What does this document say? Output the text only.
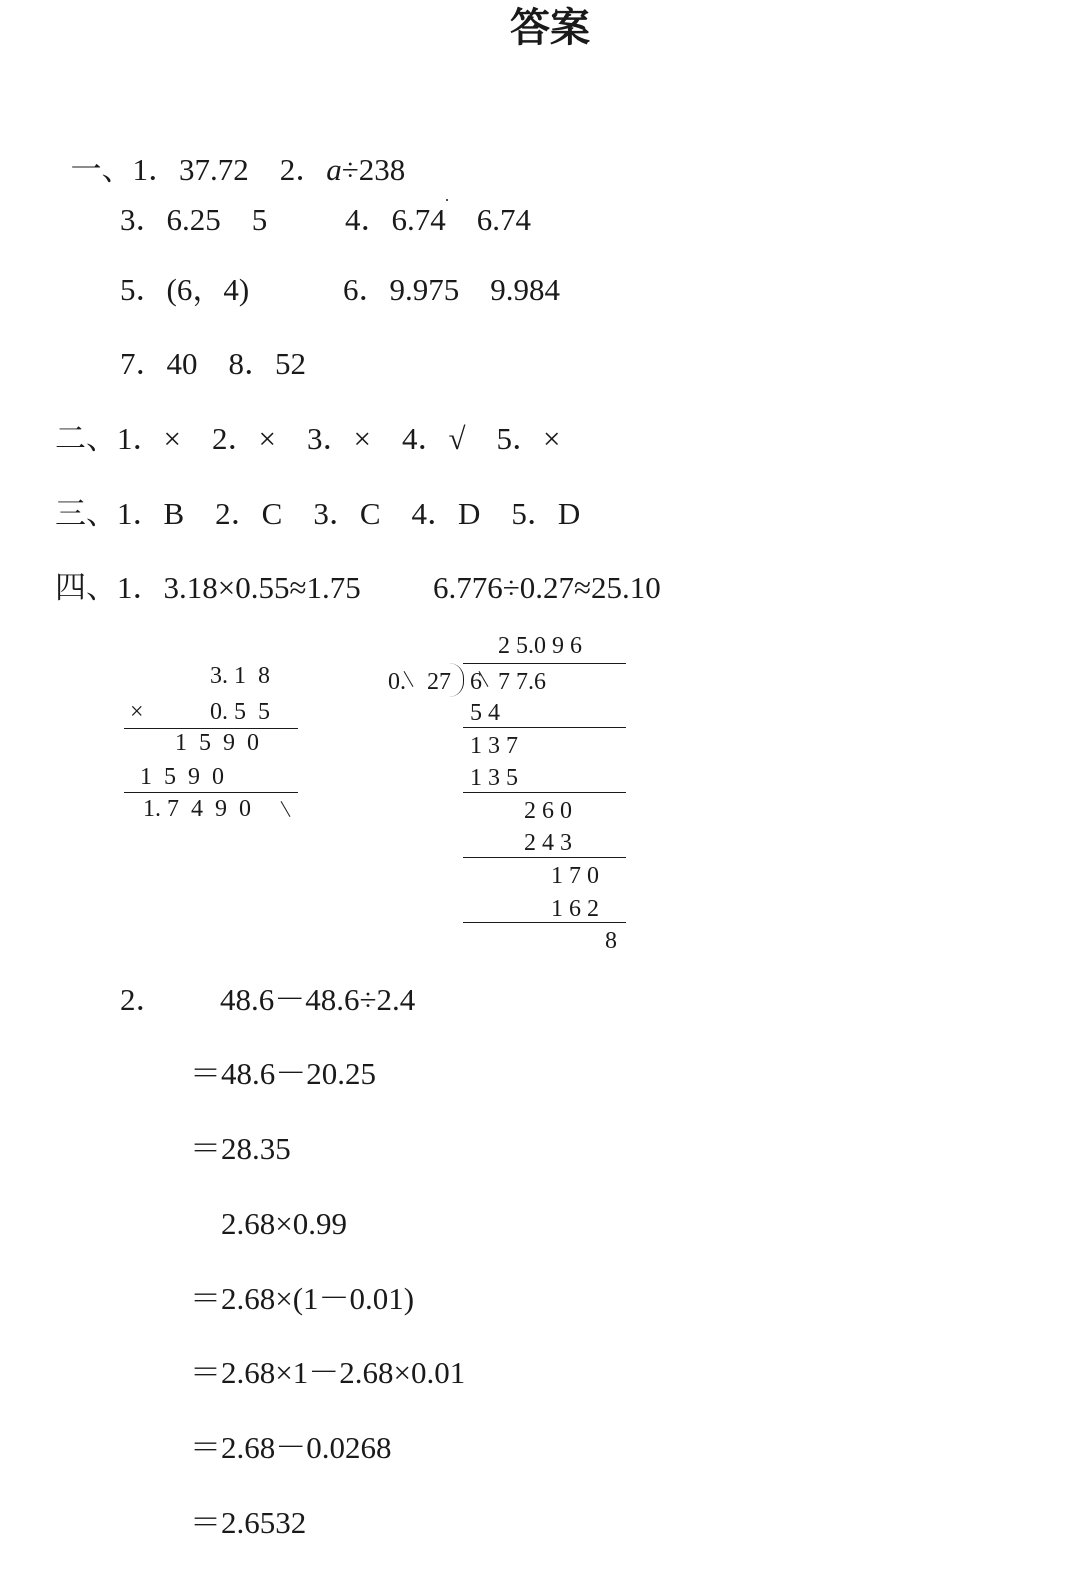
答案

一、1．37.72　2．a÷238

3．6.25　5	4．6.74　6.74
5．(6，4)	6．9.975　9.984
7．40　8．52
二、1．×　2．×　3．×　4．√　5．×
三、1．B　2．C　3．C　4．D　5．D
四、1．3.18×0.55≈1.75 6.776÷0.27≈25.10
3. 1  8
×	0. 5  5
1  5  9  0
1  5  9  0
1. 7  4  9  0
2 5.0 9 6
0. 27 6 7 7.6
5 4
1 3 7
1 3 5
2 6 0
2 4 3
1 7 0
1 6 2
8
2． 48.6－48.6÷2.4
＝48.6－20.25
＝28.35
2.68×0.99
＝2.68×(1－0.01)
＝2.68×1－2.68×0.01
＝2.68－0.0268
＝2.6532
